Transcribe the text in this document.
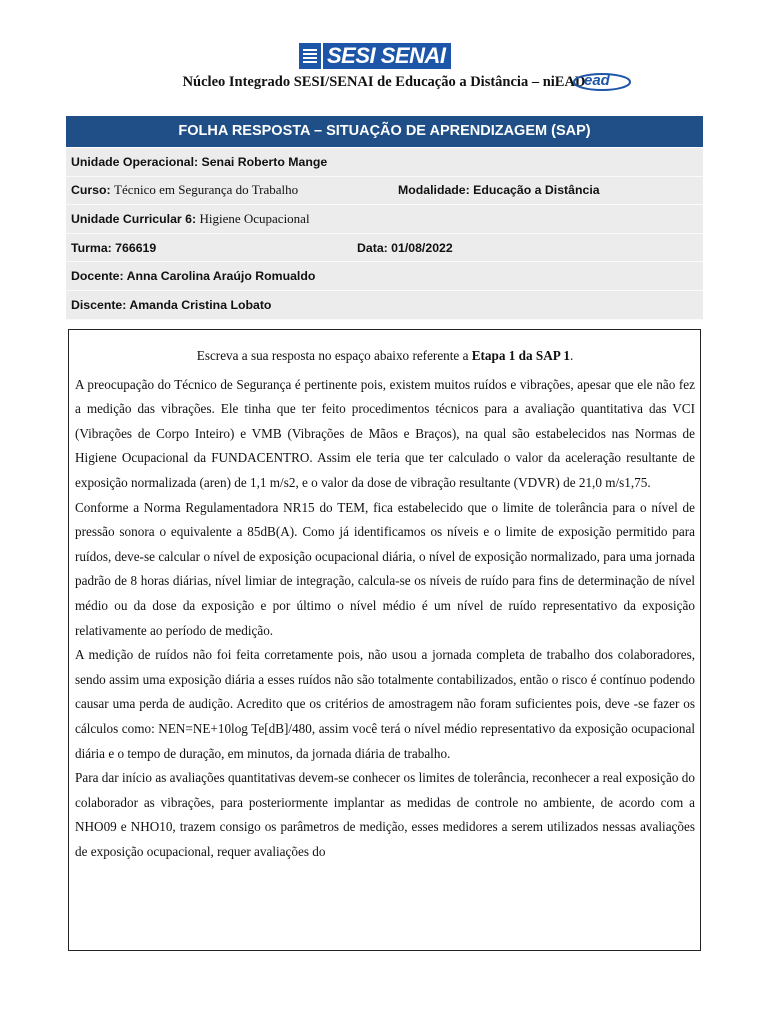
SESI SENAI
Núcleo Integrado SESI/SENAI de Educação a Distância – niEAD
ead
FOLHA RESPOSTA – SITUAÇÃO DE APRENDIZAGEM (SAP)
Unidade Operacional: Senai Roberto Mange
Curso: Técnico em Segurança do Trabalho	Modalidade: Educação a Distância
Unidade Curricular 6: Higiene Ocupacional
Turma: 766619	Data: 01/08/2022
Docente: Anna Carolina Araújo Romualdo
Discente: Amanda Cristina Lobato

Escreva a sua resposta no espaço abaixo referente a Etapa 1 da SAP 1.

A preocupação do Técnico de Segurança é pertinente pois, existem muitos ruídos e vibrações, apesar que ele não fez a medição das vibrações. Ele tinha que ter feito procedimentos técnicos para a avaliação quantitativa das VCI (Vibrações de Corpo Inteiro) e VMB (Vibrações de Mãos e Braços), na qual são estabelecidos nas Normas de Higiene Ocupacional da FUNDACENTRO. Assim ele teria que ter calculado o valor da aceleração resultante de exposição normalizada (aren) de 1,1 m/s2, e o valor da dose de vibração resultante (VDVR) de 21,0 m/s1,75.

Conforme a Norma Regulamentadora NR15 do TEM, fica estabelecido que o limite de tolerância para o nível de pressão sonora o equivalente a 85dB(A). Como já identificamos os níveis e o limite de exposição permitido para ruídos, deve-se calcular o nível de exposição ocupacional diária, o nível de exposição normalizado, para uma jornada padrão de 8 horas diárias, nível limiar de integração, calcula-se os níveis de ruído para fins de determinação de nível médio ou da dose da exposição e por último o nível médio é um nível de ruído representativo da exposição relativamente ao período de medição.

A medição de ruídos não foi feita corretamente pois, não usou a jornada completa de trabalho dos colaboradores, sendo assim uma exposição diária a esses ruídos não são totalmente contabilizados, então o risco é contínuo podendo causar uma perda de audição. Acredito que os critérios de amostragem não foram suficientes pois, deve -se fazer os cálculos como: NEN=NE+10log Te[dB]/480, assim você terá o nível médio representativo da exposição ocupacional diária e o tempo de duração, em minutos, da jornada diária de trabalho.

Para dar início as avaliações quantitativas devem-se conhecer os limites de tolerância, reconhecer a real exposição do colaborador as vibrações, para posteriormente implantar as medidas de controle no ambiente, de acordo com a NHO09 e NHO10, trazem consigo os parâmetros de medição, esses medidores a serem utilizados nessas avaliações de exposição ocupacional, requer avaliações do
